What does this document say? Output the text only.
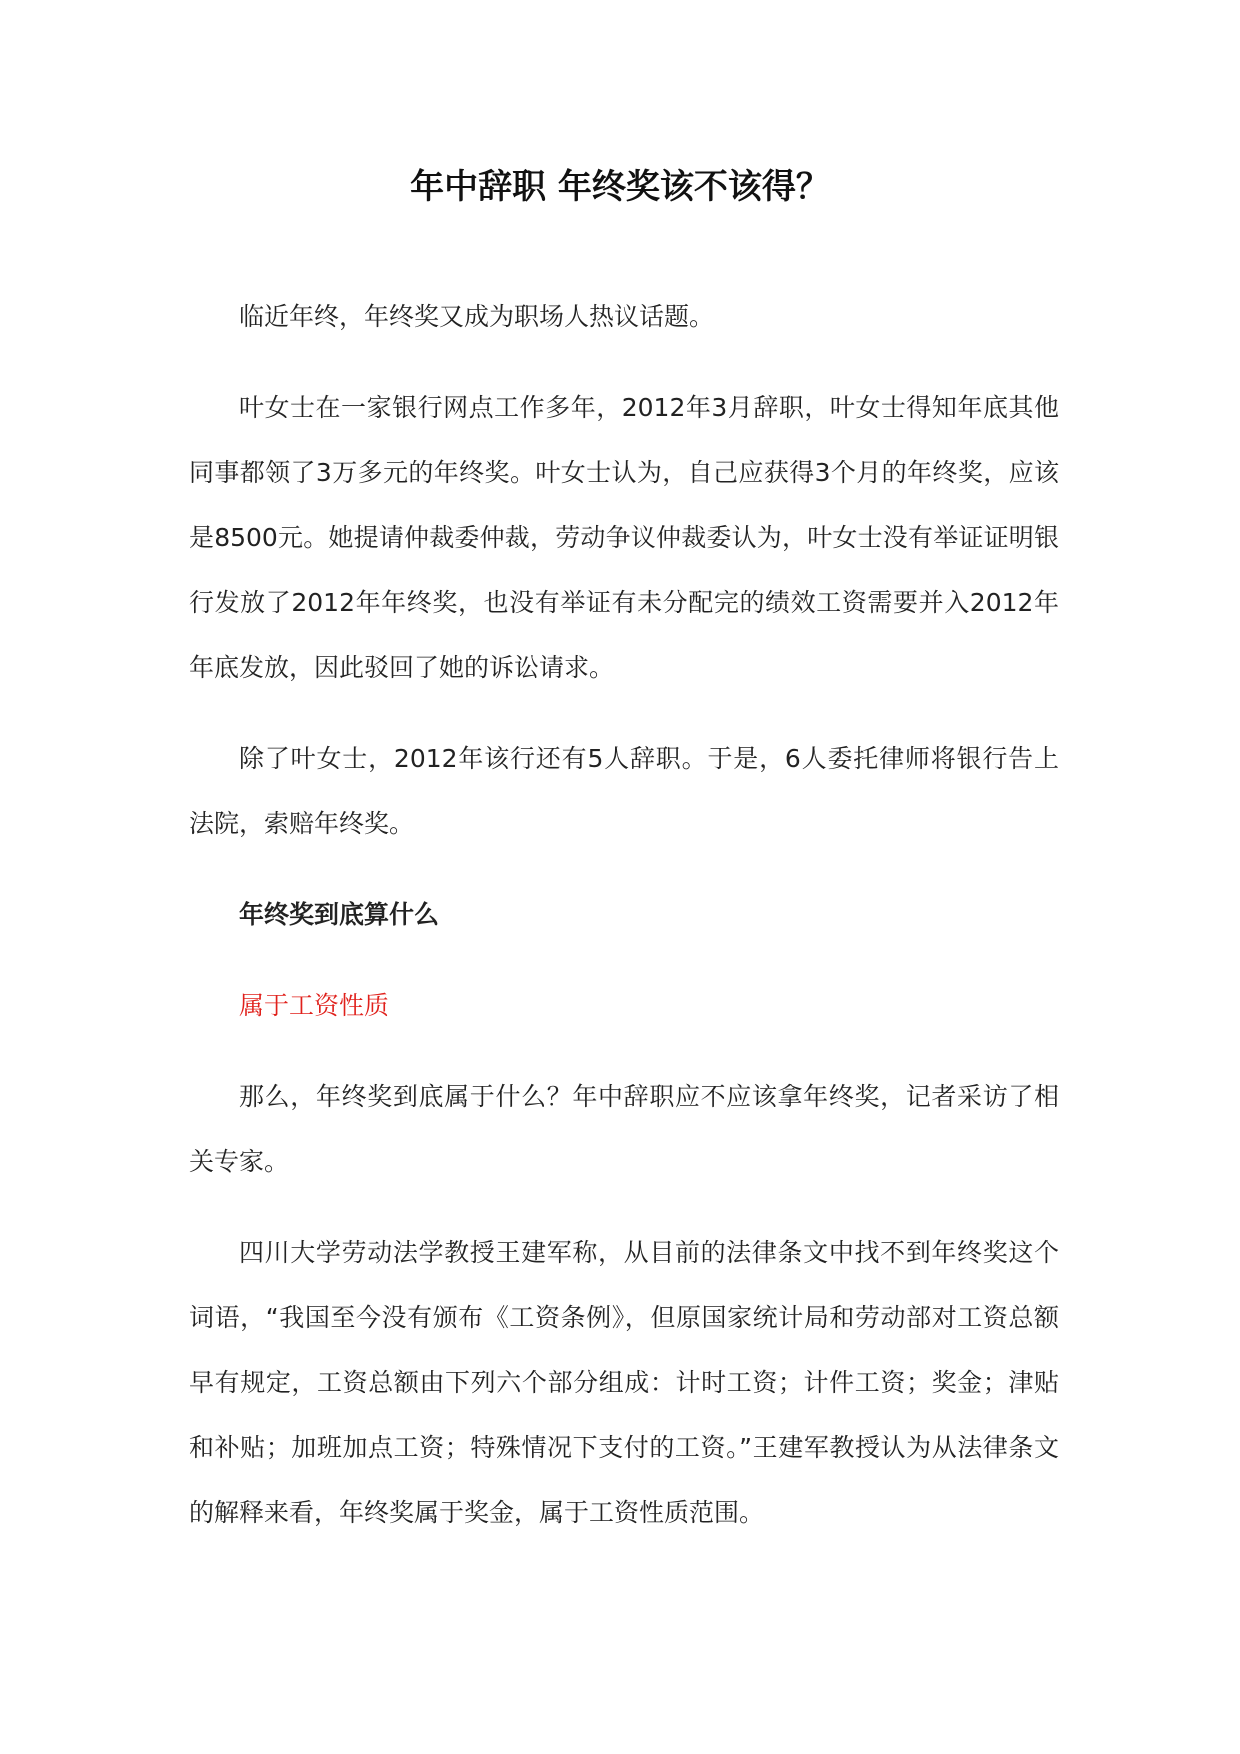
年中辞职 年终奖该不该得？

临近年终，年终奖又成为职场人热议话题。

叶女士在一家银行网点工作多年，2012年3月辞职，叶女士得知年底其他同事都领了3万多元的年终奖。叶女士认为，自己应获得3个月的年终奖，应该是8500元。她提请仲裁委仲裁，劳动争议仲裁委认为，叶女士没有举证证明银行发放了2012年年终奖，也没有举证有未分配完的绩效工资需要并入2012年年底发放，因此驳回了她的诉讼请求。

除了叶女士，2012年该行还有5人辞职。于是，6人委托律师将银行告上法院，索赔年终奖。

年终奖到底算什么

属于工资性质

那么，年终奖到底属于什么？年中辞职应不应该拿年终奖，记者采访了相关专家。

四川大学劳动法学教授王建军称，从目前的法律条文中找不到年终奖这个词语，“我国至今没有颁布《工资条例》，但原国家统计局和劳动部对工资总额早有规定，工资总额由下列六个部分组成：计时工资；计件工资；奖金；津贴和补贴；加班加点工资；特殊情况下支付的工资。”王建军教授认为从法律条文的解释来看，年终奖属于奖金，属于工资性质范围。
